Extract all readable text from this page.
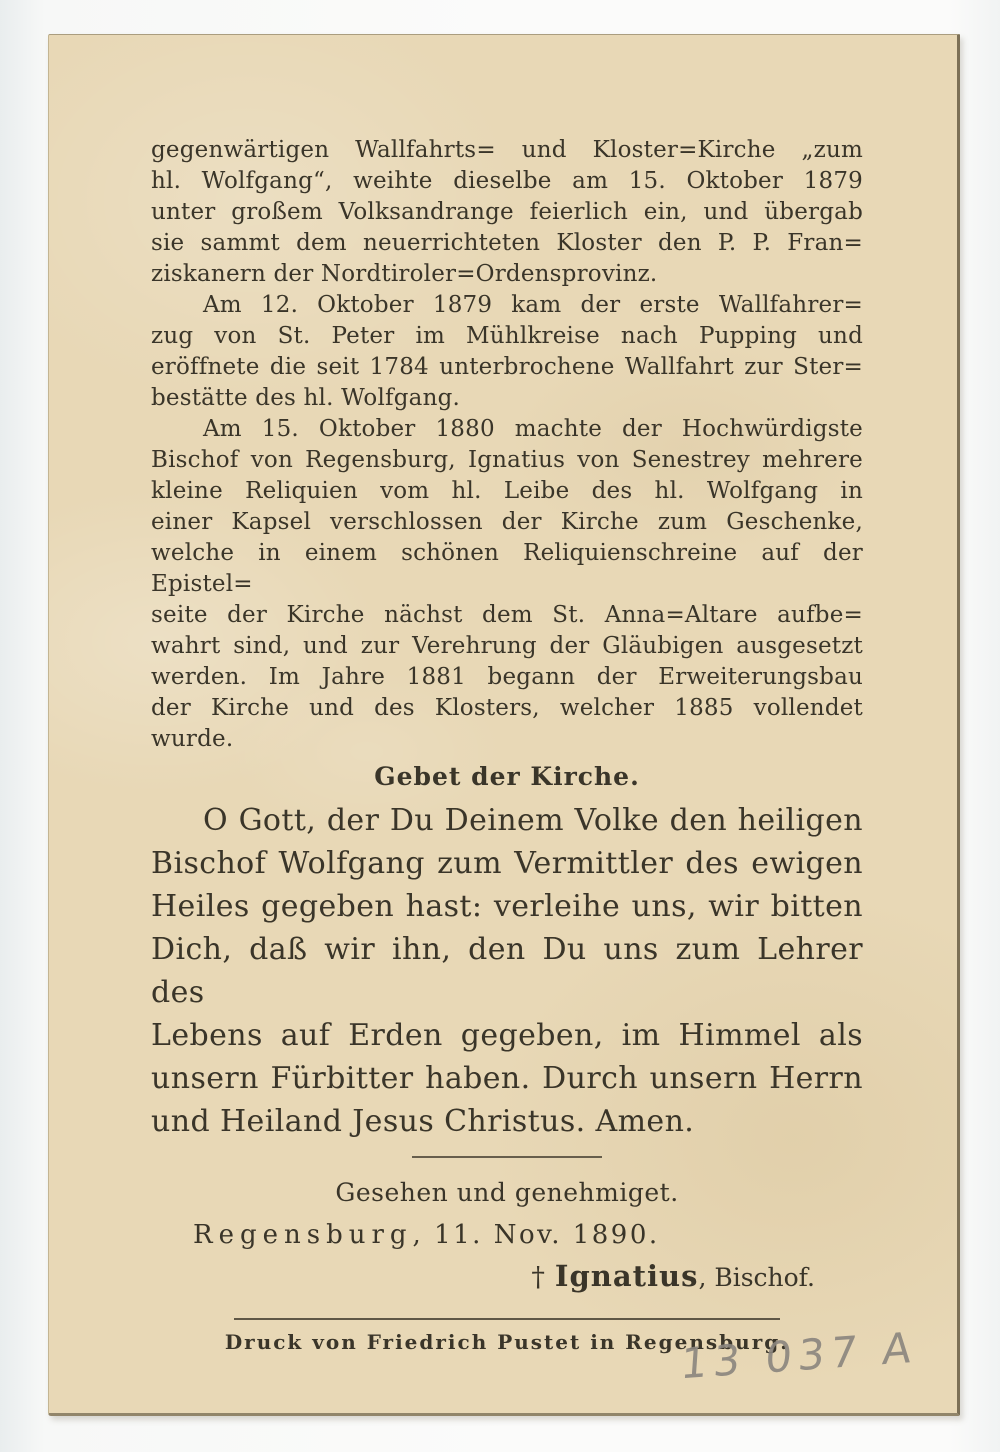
gegenwärtigen Wallfahrts= und Kloster=Kirche „zum
hl. Wolfgang“, weihte dieselbe am 15. Oktober 1879
unter großem Volksandrange feierlich ein, und übergab
sie sammt dem neuerrichteten Kloster den P. P. Fran=
ziskanern der Nordtiroler=Ordensprovinz.
Am 12. Oktober 1879 kam der erste Wallfahrer=
zug von St. Peter im Mühlkreise nach Pupping und
eröffnete die seit 1784 unterbrochene Wallfahrt zur Ster=
bestätte des hl. Wolfgang.
Am 15. Oktober 1880 machte der Hochwürdigste
Bischof von Regensburg, Ignatius von Senestrey mehrere
kleine Reliquien vom hl. Leibe des hl. Wolfgang in
einer Kapsel verschlossen der Kirche zum Geschenke,
welche in einem schönen Reliquienschreine auf der Epistel=
seite der Kirche nächst dem St. Anna=Altare aufbe=
wahrt sind, und zur Verehrung der Gläubigen ausgesetzt
werden. Im Jahre 1881 begann der Erweiterungsbau
der Kirche und des Klosters, welcher 1885 vollendet
wurde.
Gebet der Kirche.
O Gott, der Du Deinem Volke den heiligen
Bischof Wolfgang zum Vermittler des ewigen
Heiles gegeben hast: verleihe uns, wir bitten
Dich, daß wir ihn, den Du uns zum Lehrer des
Lebens auf Erden gegeben, im Himmel als
unsern Fürbitter haben. Durch unsern Herrn
und Heiland Jesus Christus. Amen.
Gesehen und genehmiget.
Regensburg, 11. Nov. 1890.
† Ignatius, Bischof.
Druck von Friedrich Pustet in Regensburg.
13 037 A
